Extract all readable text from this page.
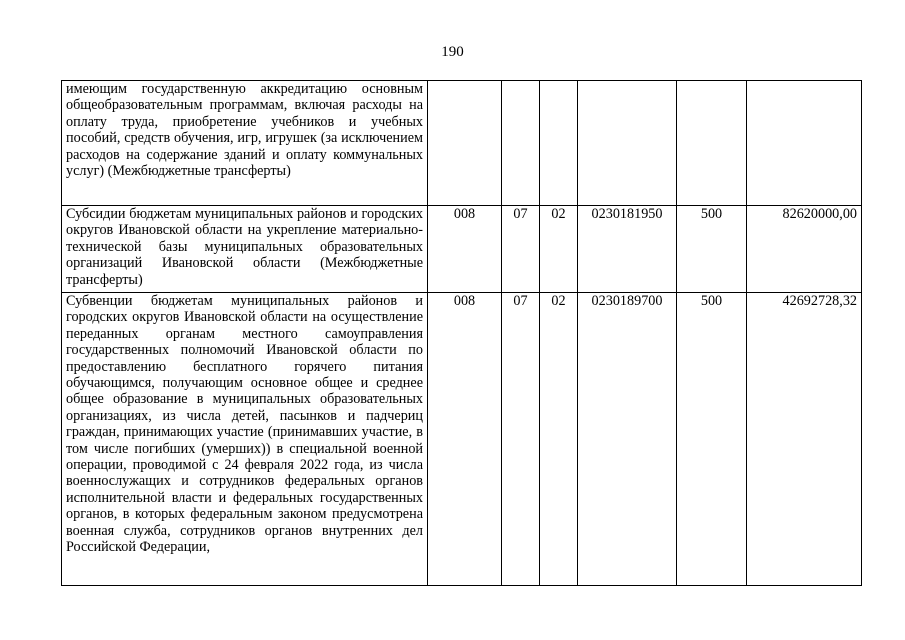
190
имеющим государственную аккредитацию основным общеобразовательным программам, включая расходы на оплату труда, приобретение учебников и учебных пособий, средств обучения, игр, игрушек (за исключением расходов на содержание зданий и оплату коммунальных услуг) (Межбюджетные трансферты)						
Субсидии бюджетам муниципальных районов и городских округов Ивановской области на укрепление материально-технической базы муниципальных образовательных организаций Ивановской области (Межбюджетные трансферты)	008	07	02	0230181950	500	82620000,00
Субвенции бюджетам муниципальных районов и городских округов Ивановской области на осуществление переданных органам местного самоуправления государственных полномочий Ивановской области по предоставлению бесплатного горячего питания обучающимся, получающим основное общее и среднее общее образование в муниципальных образовательных организациях, из числа детей, пасынков и падчериц граждан, принимающих участие (принимавших участие, в том числе погибших (умерших)) в специальной военной операции, проводимой с 24 февраля 2022 года, из числа военнослужащих и сотрудников федеральных органов исполнительной власти и федеральных государственных органов, в которых федеральным законом предусмотрена военная служба, сотрудников органов внутренних дел Российской Федерации,	008	07	02	0230189700	500	42692728,32
